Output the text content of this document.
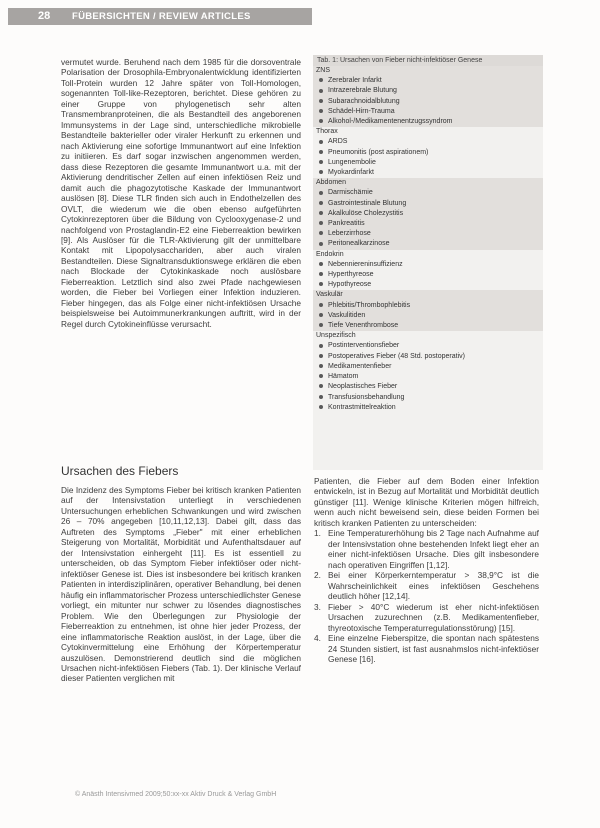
28 FÜBERSICHTEN / REVIEW ARTICLES

vermutet wurde. Beruhend nach dem 1985 für die dorsoventrale Polarisation der Drosophila-Embryonalentwicklung identifizierten Toll-Protein wurden 12 Jahre später von Toll-Homologen, sogenannten Toll-like-Rezeptoren, berichtet. Diese gehören zu einer Gruppe von phylogenetisch sehr alten Transmembranproteinen, die als Bestandteil des angeborenen Immunsystems in der Lage sind, unterschiedliche mikrobielle Bestandteile bakterieller oder viraler Herkunft zu erkennen und nach Aktivierung eine sofortige Immunantwort auf eine Infektion zu initiieren. Es darf sogar inzwischen angenommen werden, dass diese Rezeptoren die gesamte Immunantwort u.a. mit der Aktivierung dendritischer Zellen auf einen infektiösen Reiz und damit auch die phagozytotische Kaskade der Immunantwort auslösen [8]. Diese TLR finden sich auch in Endothelzellen des OVLT, die wiederum wie die oben ebenso aufgeführten Cytokinrezeptoren über die Bildung von Cyclooxygenase-2 und nachfolgend von Prostaglandin-E2 eine Fieberreaktion bewirken [9]. Als Auslöser für die TLR-Aktivierung gilt der unmittelbare Kontakt mit Lipopolysacchariden, aber auch viralen Bestandteilen. Diese Signaltransduktionswege erklären die eben nach Blockade der Cytokinkaskade noch auslösbare Fieberreaktion. Letztlich sind also zwei Pfade nachgewiesen worden, die Fieber bei Vorliegen einer Infektion induzieren. Fieber hingegen, das als Folge einer nicht-infektiösen Ursache beispielsweise bei Autoimmunerkrankungen auftritt, wird in der Regel durch Cytokineinflüsse verursacht.

Tab. 1: Ursachen von Fieber nicht-infektiöser Genese
ZNS
Zerebraler Infarkt
Intrazerebrale Blutung
Subarachnoidalblutung
Schädel-Hirn-Trauma
Alkohol-/Medikamentenentzugssyndrom
Thorax
ARDS
Pneumonitis (post aspirationem)
Lungenembolie
Myokardinfarkt
Abdomen
Darmischämie
Gastrointestinale Blutung
Akalkulöse Cholezystitis
Pankreatitis
Leberzirrhose
Peritonealkarzinose
Endokrin
Nebenniereninsuffizienz
Hyperthyreose
Hypothyreose
Vaskulär
Phlebitis/Thrombophlebitis
Vaskulitiden
Tiefe Venenthrombose
Unspezifisch
Postinterventionsfieber
Postoperatives Fieber (48 Std. postoperativ)
Medikamentenfieber
Hämatom
Neoplastisches Fieber
Transfusionsbehandlung
Kontrastmittelreaktion
Ursachen des Fiebers

Die Inzidenz des Symptoms Fieber bei kritisch kranken Patienten auf der Intensivstation unterliegt in verschiedenen Untersuchungen erheblichen Schwankungen und wird zwischen 26 – 70% angegeben [10,11,12,13]. Dabei gilt, dass das Auftreten des Symptoms „Fieber" mit einer erheblichen Steigerung von Mortalität, Morbidität und Aufenthaltsdauer auf der Intensivstation einhergeht [11]. Es ist essentiell zu unterscheiden, ob das Symptom Fieber infektiöser oder nicht-infektiöser Genese ist. Dies ist insbesondere bei kritisch kranken Patienten in interdisziplinären, operativer Behandlung, bei denen häufig ein inflammatorischer Prozess unterschiedlichster Genese vorliegt, ein mitunter nur schwer zu lösendes diagnostisches Problem. Wie den Überlegungen zur Physiologie der Fieberreaktion zu entnehmen, ist ohne hier jeder Prozess, der eine inflammatorische Reaktion auslöst, in der Lage, über die Cytokinvermittelung eine Erhöhung der Körpertemperatur auszulösen. Demonstrierend deutlich sind die möglichen Ursachen nicht-infektiösen Fiebers (Tab. 1). Der klinische Verlauf dieser Patienten verglichen mit

Patienten, die Fieber auf dem Boden einer Infektion entwickeln, ist in Bezug auf Mortalität und Morbidität deutlich günstiger [11]. Wenige klinische Kriterien mögen hilfreich, wenn auch nicht beweisend sein, diese beiden Formen bei kritisch kranken Patienten zu unterscheiden:

1. Eine Temperaturerhöhung bis 2 Tage nach Aufnahme auf der Intensivstation ohne bestehenden Infekt liegt eher an einer nicht-infektiösen Ursache. Dies gilt insbesondere nach operativen Eingriffen [1,12].
2. Bei einer Körperkerntemperatur > 38,9°C ist die Wahrscheinlichkeit eines infektiösen Geschehens deutlich höher [12,14].
3. Fieber > 40°C wiederum ist eher nicht-infektiösen Ursachen zuzurechnen (z.B. Medikamentenfieber, thyreotoxische Temperaturregulationsstörung) [15].
4. Eine einzelne Fieberspitze, die spontan nach spätestens 24 Stunden sistiert, ist fast ausnahmslos nicht-infektiöser Genese [16].
© Anästh Intensivmed 2009;50:xx-xx Aktiv Druck & Verlag GmbH
